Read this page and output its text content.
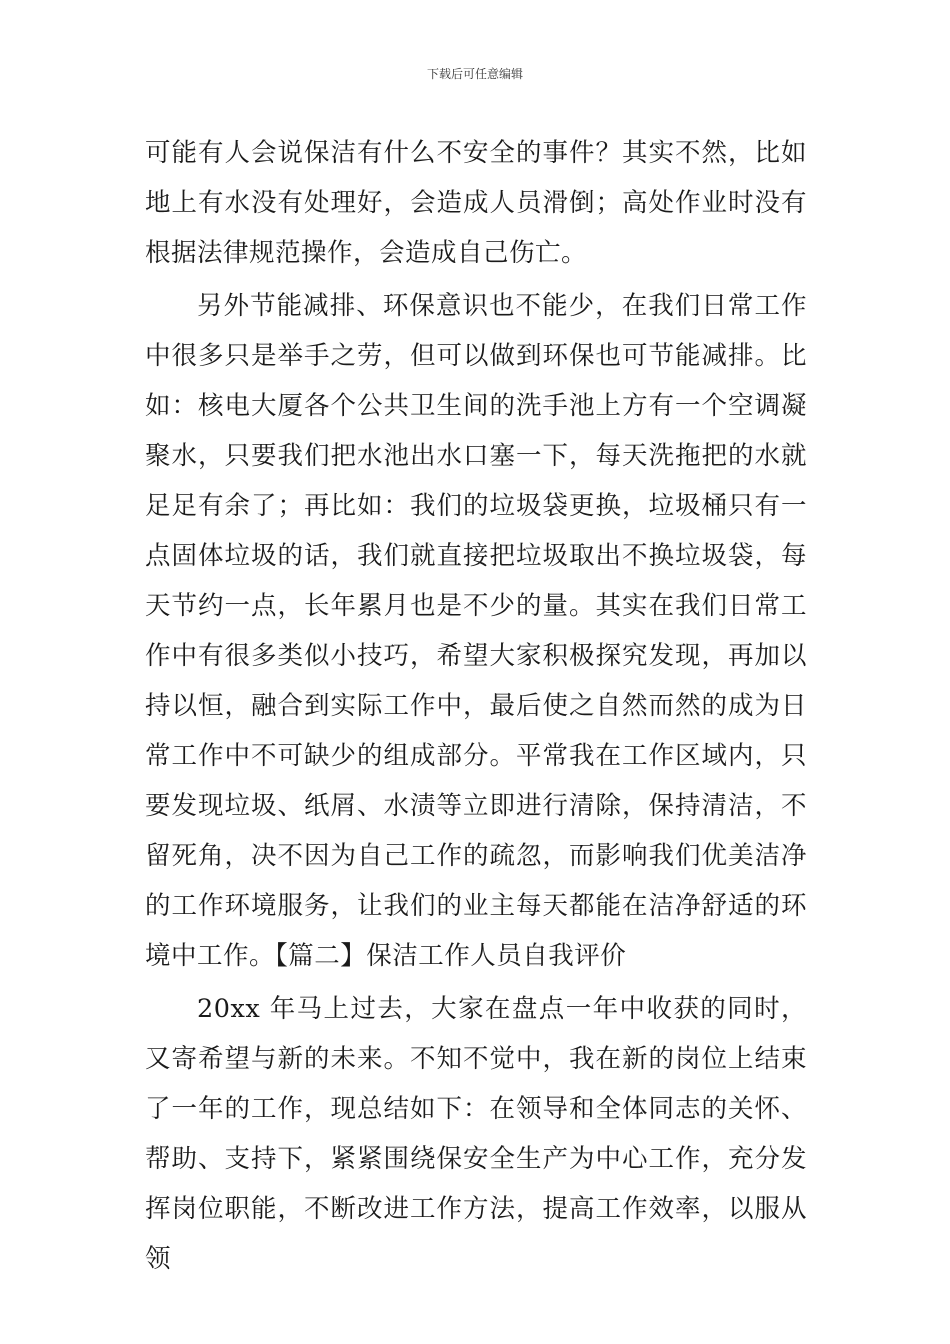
下载后可任意编辑

可能有人会说保洁有什么不安全的事件？其实不然，比如地上有水没有处理好，会造成人员滑倒；高处作业时没有根据法律规范操作，会造成自己伤亡。

另外节能减排、环保意识也不能少，在我们日常工作中很多只是举手之劳，但可以做到环保也可节能减排。比如：核电大厦各个公共卫生间的洗手池上方有一个空调凝聚水，只要我们把水池出水口塞一下，每天洗拖把的水就足足有余了；再比如：我们的垃圾袋更换，垃圾桶只有一点固体垃圾的话，我们就直接把垃圾取出不换垃圾袋，每天节约一点，长年累月也是不少的量。其实在我们日常工作中有很多类似小技巧，希望大家积极探究发现，再加以持以恒，融合到实际工作中，最后使之自然而然的成为日常工作中不可缺少的组成部分。平常我在工作区域内，只要发现垃圾、纸屑、水渍等立即进行清除，保持清洁，不留死角，决不因为自己工作的疏忽，而影响我们优美洁净的工作环境服务，让我们的业主每天都能在洁净舒适的环境中工作。【篇二】保洁工作人员自我评价

20xx 年马上过去，大家在盘点一年中收获的同时，又寄希望与新的未来。不知不觉中，我在新的岗位上结束了一年的工作，现总结如下：在领导和全体同志的关怀、帮助、支持下，紧紧围绕保安全生产为中心工作，充分发挥岗位职能，不断改进工作方法，提高工作效率，以服从领
